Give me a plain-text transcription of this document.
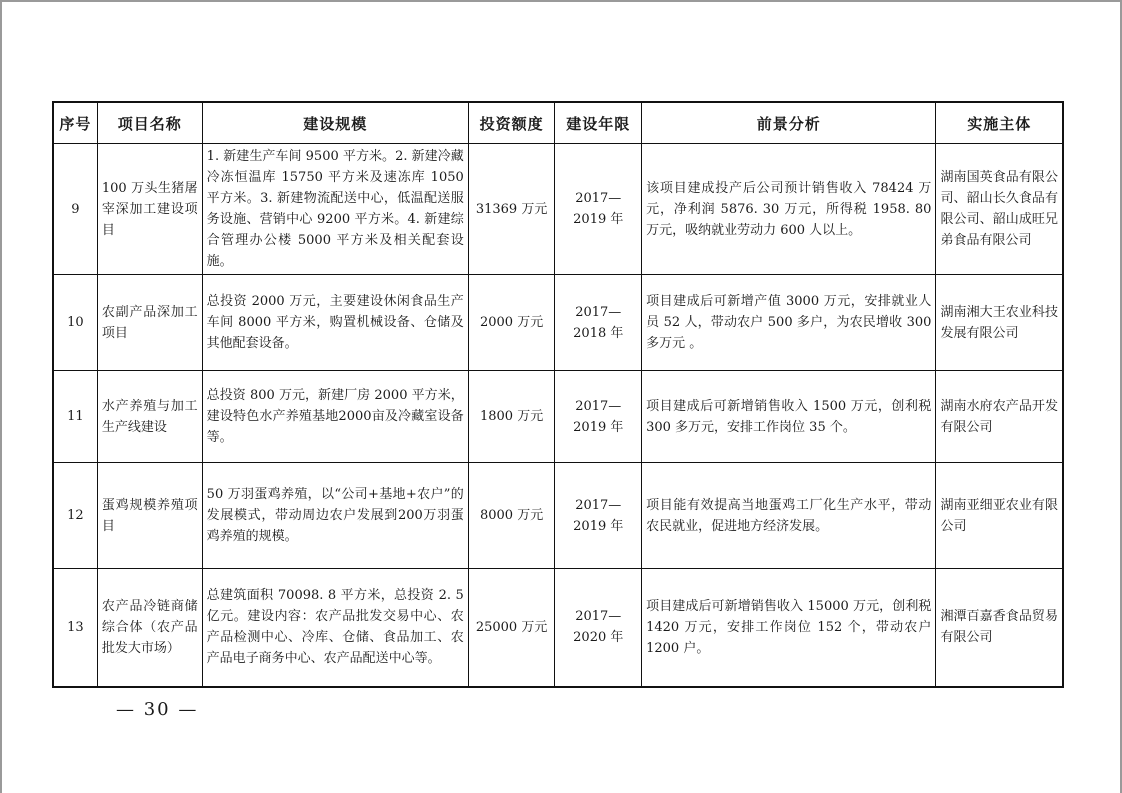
序号	项目名称	建设规模	投资额度	建设年限	前景分析	实施主体
9	100 万头生猪屠宰深加工建设项目	1. 新建生产车间 9500 平方米。2. 新建冷藏冷冻恒温库 15750 平方米及速冻库 1050 平方米。3. 新建物流配送中心，低温配送服务设施、营销中心 9200 平方米。4. 新建综合管理办公楼 5000 平方米及相关配套设施。	31369 万元	2017—2019 年	该项目建成投产后公司预计销售收入 78424 万元，净利润 5876. 30 万元，所得税 1958. 80 万元，吸纳就业劳动力 600 人以上。	湖南国英食品有限公司、韶山长久食品有限公司、韶山成旺兄弟食品有限公司
10	农副产品深加工项目	总投资 2000 万元，主要建设休闲食品生产车间 8000 平方米，购置机械设备、仓储及其他配套设备。	2000 万元	2017—2018 年	项目建成后可新增产值 3000 万元，安排就业人员 52 人，带动农户 500 多户，为农民增收 300 多万元 。	湖南湘大王农业科技发展有限公司
11	水产养殖与加工生产线建设	总投资 800 万元，新建厂房 2000 平方米，建设特色水产养殖基地2000亩及冷藏室设备等。	1800 万元	2017—2019 年	项目建成后可新增销售收入 1500 万元，创利税 300 多万元，安排工作岗位 35 个。	湖南水府农产品开发有限公司
12	蛋鸡规模养殖项目	50 万羽蛋鸡养殖，以“公司+基地+农户”的发展模式，带动周边农户发展到200万羽蛋鸡养殖的规模。	8000 万元	2017—2019 年	项目能有效提高当地蛋鸡工厂化生产水平，带动农民就业，促进地方经济发展。	湖南亚细亚农业有限公司
13	农产品冷链商储综合体（农产品批发大市场）	总建筑面积 70098. 8 平方米，总投资 2. 5 亿元。建设内容：农产品批发交易中心、农产品检测中心、冷库、仓储、食品加工、农产品电子商务中心、农产品配送中心等。	25000 万元	2017—2020 年	项目建成后可新增销售收入 15000 万元，创利税 1420 万元，安排工作岗位 152 个，带动农户 1200 户。	湘潭百嘉香食品贸易有限公司
— 30 —
